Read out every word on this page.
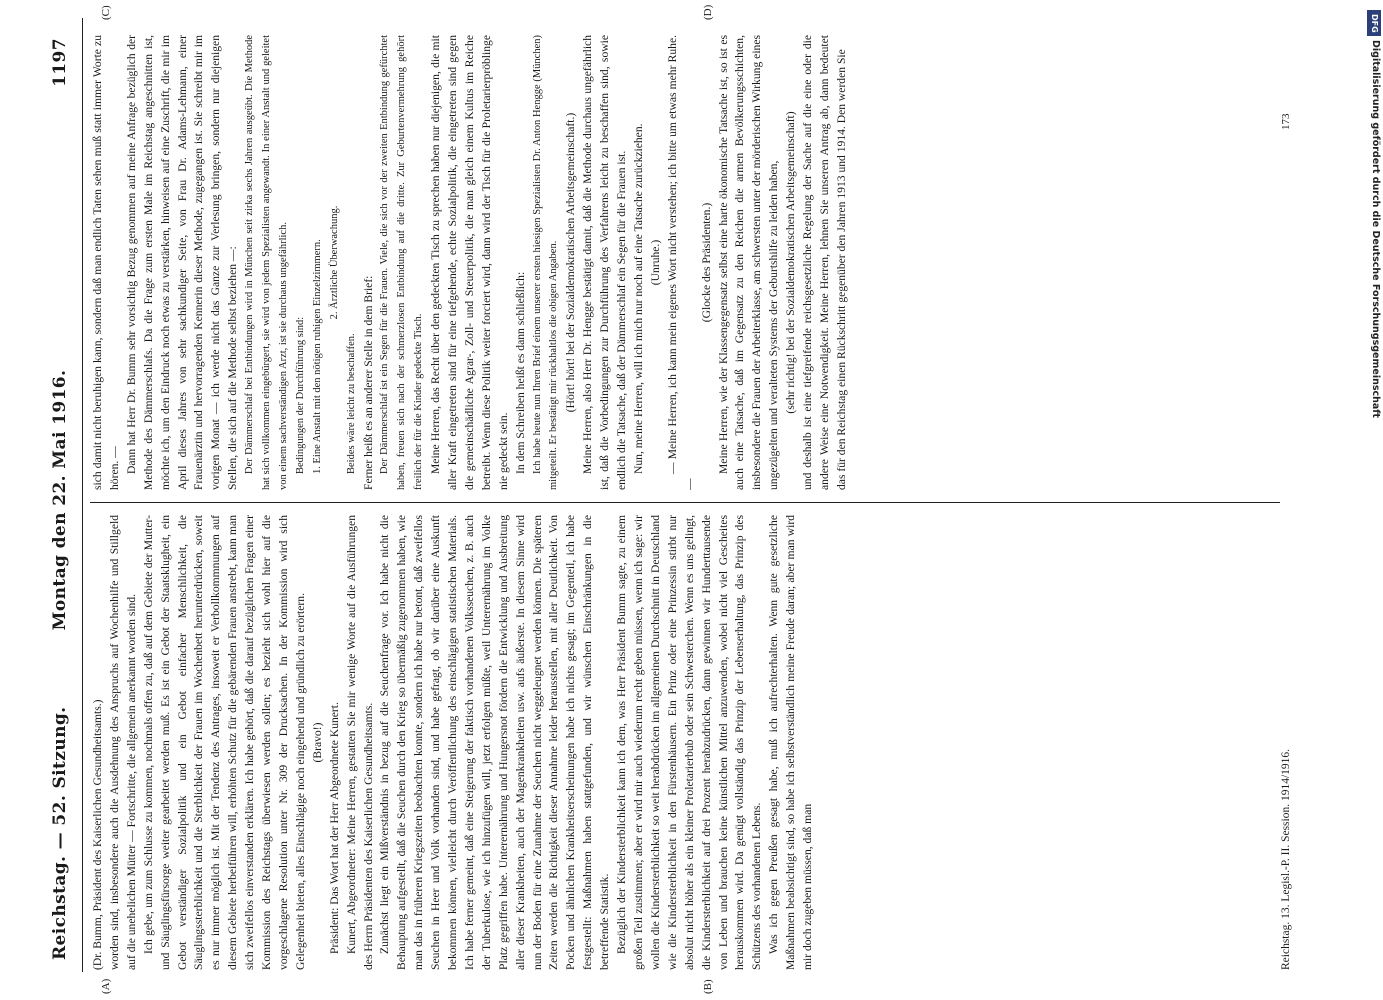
Reichstag. — 52. Sitzung.
Montag den 22. Mai 1916.
1197
(A)	(B)
(C)	(D)

(Dr. Bumm, Präsident des Kaiserlichen Gesundheitsamts.) worden sind, insbesondere auch die Ausdehnung des Anspruchs auf Wochenhilfe und Stillgeld auf die unehelichen Mütter — Fortschritte, die allgemein anerkannt worden sind. Ich gebe, um zum Schlusse zu kommen, nochmals offen zu, daß auf dem Gebiete der Mutter- und Säuglingsfürsorge weiter gearbeitet werden muß. Es ist ein Gebot der Staatsklugheit, ein Gebot verständiger Sozialpolitik und ein Gebot einfacher Menschlichkeit, die Säuglingssterblichkeit und die Sterblichkeit der Frauen im Wochenbett herunterdrücken, soweit es nur immer möglich ist. Mit der Tendenz des Antrages, insoweit er Verbollkommnungen auf diesem Gebiete herbeiführen will, erhöhten Schutz für die gebärenden Frauen anstrebt, kann man sich zweifellos einverstanden erklären. Ich habe gehört, daß die darauf bezüglichen Fragen einer Kommission des Reichstags überwiesen werden sollen; es bezieht sich wohl hier auf die vorgeschlagene Resolution unter Nr. 309 der Drucksachen. In der Kommission wird sich Gelegenheit bieten, alles Einschlägige noch eingehend und gründlich zu erörtern. (Bravo!) Präsident: Das Wort hat der Herr Abgeordnete Kunert. Kunert, Abgeordneter: Meine Herren, gestatten Sie mir wenige Worte auf die Ausführungen des Herrn Präsidenten des Kaiserlichen Gesundheitsamts. Zunächst liegt ein Mißverständnis in bezug auf die Seuchenfrage vor. Ich habe nicht die Behauptung aufgestellt, daß die Seuchen durch den Krieg so übermäßig zugenommen haben, wie man das in früheren Kriegszeiten beobachten konnte, sondern ich habe nur betont, daß zweifellos Seuchen in Heer und Volk vorhanden sind, und habe gefragt, ob wir darüber eine Auskunft bekommen können, vielleicht durch Veröffentlichung des einschlägigen statistischen Materials. Ich habe ferner gemeint, daß eine Steigerung der faktisch vorhandenen Volksseuchen, z. B. auch der Tuberkulose, wie ich hinzufügen will, jetzt erfolgen müßte, weil Unterernährung im Volke Platz gegriffen habe. Unterernährung und Hungersnot fördern die Entwicklung und Ausbreitung aller dieser Krankheiten, auch der Magenkrankheiten usw. aufs äußerste. In diesem Sinne wird nun der Boden für eine Zunahme der Seuchen nicht weggeleugnet werden können. Die späteren Zeiten werden die Richtigkeit dieser Annahme leider herausstellen, mit aller Deutlichkeit. Von Pocken und ähnlichen Krankheitserscheinungen habe ich nichts gesagt; im Gegenteil, ich habe festgestellt: Maßnahmen haben stattgefunden, und wir wünschen Einschränkungen in die betreffende Statistik. Bezüglich der Kindersterblichkeit kann ich dem, was Herr Präsident Bumm sagte, zu einem großen Teil zustimmen; aber er wird mir auch wiederum recht geben müssen, wenn ich sage: wir wollen die Kindersterblichkeit so weit herabdrücken im allgemeinen Durchschnitt in Deutschland wie die Kindersterblichkeit in den Fürstenhäusern. Ein Prinz oder eine Prinzessin stirbt nur absolut nicht höher als ein kleiner Proletarierbub oder sein Schwesterchen. Wenn es uns gelingt, die Kindersterblichkeit auf drei Prozent herabzudrücken, dann gewinnen wir Hunderttausende von Leben und brauchen keine künstlichen Mittel anzuwenden, wobei nicht viel Gescheites herauskommen wird. Da genügt vollständig das Prinzip der Lebenserhaltung, das Prinzip des Schützens des vorhandenen Lebens. Was ich gegen Preußen gesagt habe, muß ich aufrechterhalten. Wenn gute gesetzliche Maßnahmen beabsichtigt sind, so habe ich selbstverständlich meine Freude daran; aber man wird mir doch zugeben müssen, daß man

sich damit nicht beruhigen kann, sondern daß man endlich Taten sehen muß statt immer Worte zu hören. — Dann hat Herr Dr. Bumm sehr vorsichtig Bezug genommen auf meine Anfrage bezüglich der Methode des Dämmerschlafs. Da die Frage zum ersten Male im Reichstag angeschnitten ist, möchte ich, um den Eindruck noch etwas zu verstärken, hinweisen auf eine Zuschrift, die mir im April dieses Jahres von sehr sachkundiger Seite, von Frau Dr. Adams-Lehmann, einer Frauenärztin und hervorragenden Kennerin dieser Methode, zugegangen ist. Sie schreibt mir im vorigen Monat — ich werde nicht das Ganze zur Verlesung bringen, sondern nur diejenigen Stellen, die sich auf die Methode selbst beziehen —: Der Dämmerschlaf bei Entbindungen wird in München seit zirka sechs Jahren ausgeübt. Die Methode hat sich vollkommen eingebürgert, sie wird von jedem Spezialisten angewandt. In einer Anstalt und geleitet von einem sachverständigen Arzt, ist sie durchaus ungefährlich. Bedingungen der Durchführung sind: 1. Eine Anstalt mit den nötigen ruhigen Einzelzimmern. 2. Ärztliche Überwachung.

Beides wäre leicht zu beschaffen. Ferner heißt es an anderer Stelle in dem Brief: Der Dämmerschlaf ist ein Segen für die Frauen. Viele, die sich vor der zweiten Entbindung gefürchtet haben, freuen sich nach der schmerzlosen Entbindung auf die dritte. Zur Geburtenvermehrung gehört freilich der für die Kinder gedeckte Tisch. Meine Herren, das Recht über den gedeckten Tisch zu sprechen haben nur diejenigen, die mit aller Kraft eingetreten sind für eine tiefgehende, echte Sozialpolitik, die eingetreten sind gegen die gemeinschädliche Agrar-, Zoll- und Steuerpolitik, die man gleich einem Kultus im Reiche betreibt. Wenn diese Politik weiter forciert wird, dann wird der Tisch für die Proletarierpröblinge nie gedeckt sein. In dem Schreiben heißt es dann schließlich: Ich habe heute nun Ihren Brief einem unserer ersten hiesigen Spezialisten Dr. Anton Hengge (München) mitgeteilt. Er bestätigt mir rückhaltlos die obigen Angaben. (Hört! hört! bei der Sozialdemokratischen Arbeitsgemeinschaft.) Meine Herren, also Herr Dr. Hengge bestätigt damit, daß die Methode durchaus ungefährlich ist, daß die Vorbedingungen zur Durchführung des Verfahrens leicht zu beschaffen sind, sowie endlich die Tatsache, daß der Dämmerschlaf ein Segen für die Frauen ist. Nun, meine Herren, will ich mich nur noch auf eine Tatsache zurückziehen. (Unruhe.) — Meine Herren, ich kann mein eigenes Wort nicht verstehen; ich bitte um etwas mehr Ruhe. —

(Glocke des Präsidenten.) Meine Herren, wie der Klassengegensatz selbst eine harte ökonomische Tatsache ist, so ist es auch eine Tatsache, daß im Gegensatz zu den Reichen die armen Bevölkerungsschichten, insbesondere die Frauen der Arbeiterklasse, am schwersten unter der mörderischen Wirkung eines ungezügelten und veralteten Systems der Geburtshilfe zu leiden haben, (sehr richtig! bei der Sozialdemokratischen Arbeitsgemeinschaft) und deshalb ist eine tiefgreifende reichsgesetzliche Regelung der Sache auf die eine oder die andere Weise eine Notwendigkeit. Meine Herren, lehnen Sie unseren Antrag ab, dann bedeutet das für den Reichstag einen Rückschritt gegenüber den Jahren 1913 und 1914. Den werden Sie

Reichstag. 13. Legisl.-P. II. Session. 1914/1916.
173
DFG
Digitalisierung gefördert durch die Deutsche Forschungsgemeinschaft
